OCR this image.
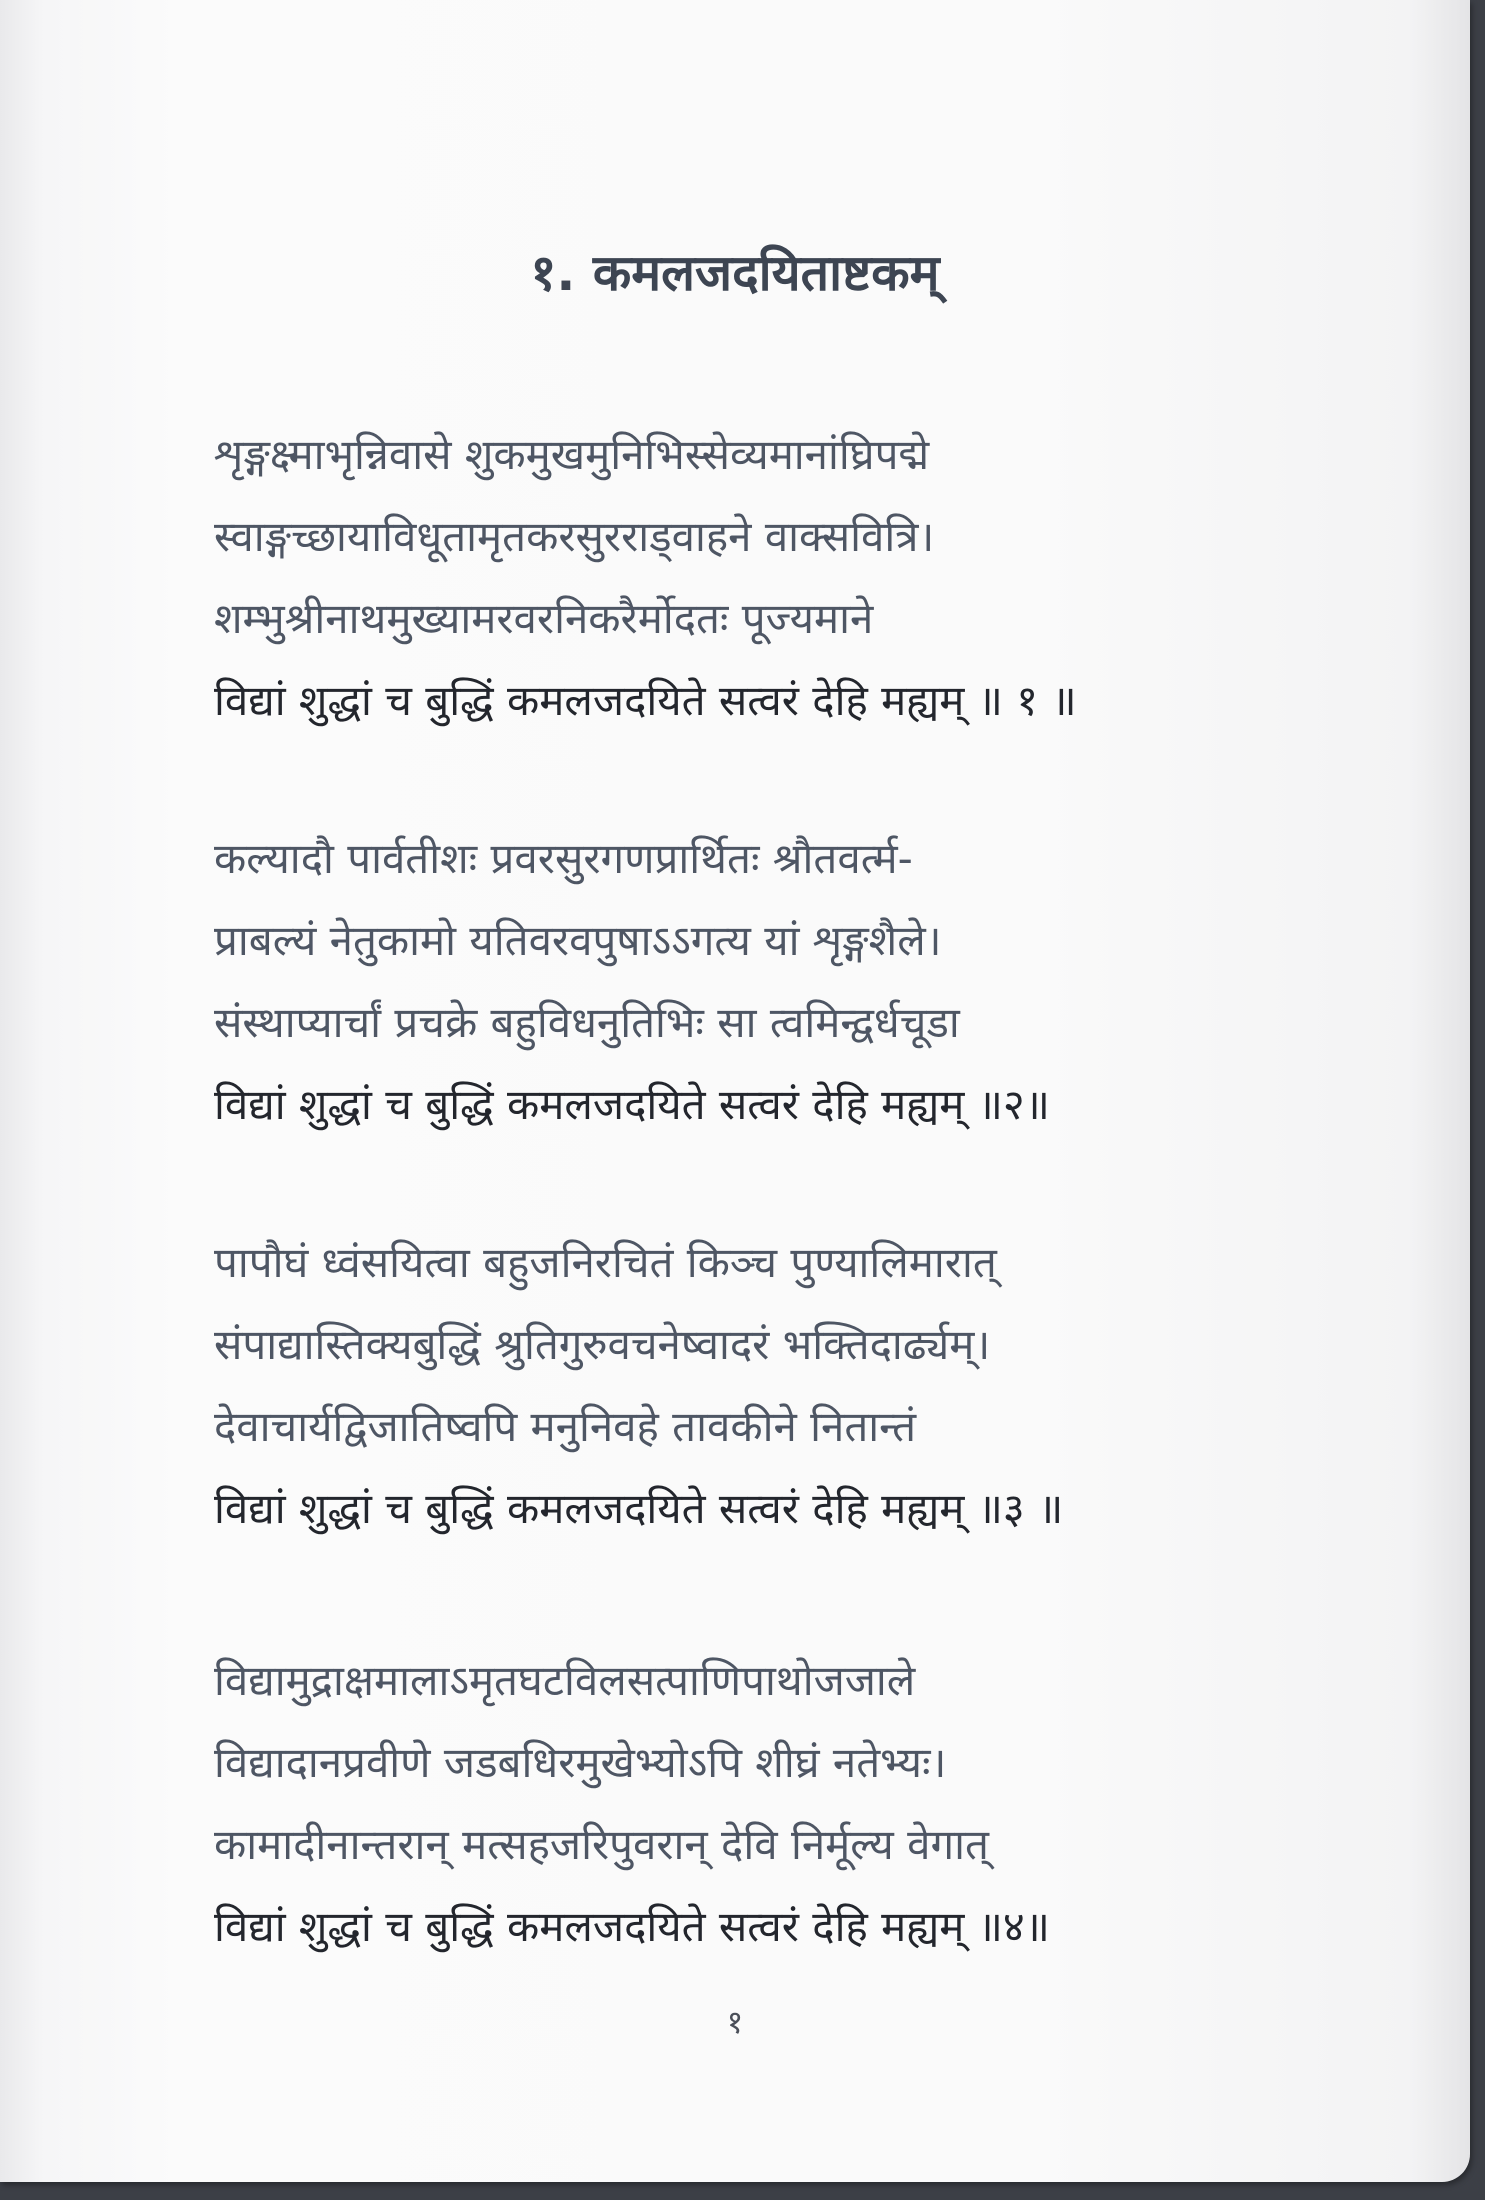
१. कमलजदयिताष्टकम्
शृङ्गक्ष्माभृन्निवासे शुकमुखमुनिभिस्सेव्यमानांघ्रिपद्मे
स्वाङ्गच्छायाविधूतामृतकरसुरराड्वाहने वाक्सवित्रि।
शम्भुश्रीनाथमुख्यामरवरनिकरैर्मोदतः पूज्यमाने
विद्यां शुद्धां च बुद्धिं कमलजदयिते सत्वरं देहि मह्यम् ॥ १ ॥
कल्यादौ पार्वतीशः प्रवरसुरगणप्रार्थितः श्रौतवर्त्म-
प्राबल्यं नेतुकामो यतिवरवपुषाऽऽगत्य यां शृङ्गशैले।
संस्थाप्यार्चां प्रचक्रे बहुविधनुतिभिः सा त्वमिन्द्वर्धचूडा
विद्यां शुद्धां च बुद्धिं कमलजदयिते सत्वरं देहि मह्यम् ॥२॥
पापौघं ध्वंसयित्वा बहुजनिरचितं किञ्च पुण्यालिमारात्
संपाद्यास्तिक्यबुद्धिं श्रुतिगुरुवचनेष्वादरं भक्तिदार्ढ्यम्।
देवाचार्यद्विजातिष्वपि मनुनिवहे तावकीने नितान्तं
विद्यां शुद्धां च बुद्धिं कमलजदयिते सत्वरं देहि मह्यम् ॥३ ॥
विद्यामुद्राक्षमालाऽमृतघटविलसत्पाणिपाथोजजाले
विद्यादानप्रवीणे जडबधिरमुखेभ्योऽपि शीघ्रं नतेभ्यः।
कामादीनान्तरान् मत्सहजरिपुवरान् देवि निर्मूल्य वेगात्
विद्यां शुद्धां च बुद्धिं कमलजदयिते सत्वरं देहि मह्यम् ॥४॥
१
